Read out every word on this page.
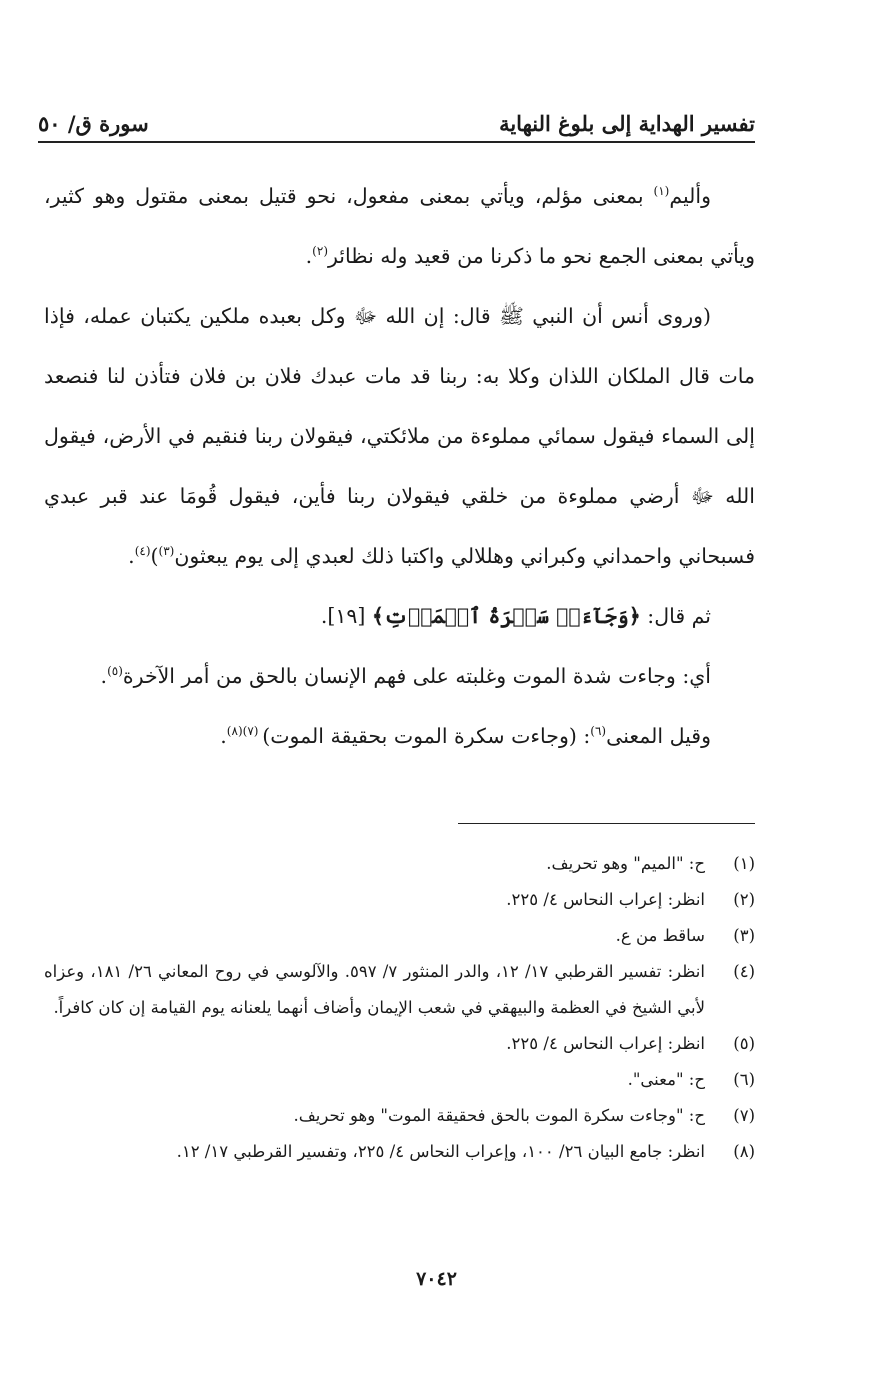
تفسير الهداية إلى بلوغ النهاية
سورة ق/ ٥٠

وأليم$^{(١)}$ بمعنى مؤلم، ويأتي بمعنى مفعول، نحو قتيل بمعنى مقتول وهو كثير، ويأتي بمعنى الجمع نحو ما ذكرنا من قعيد وله نظائر$^{(٢)}$.

(وروى أنس أن النبي ﷺ قال: إن الله ﷻ وكل بعبده ملكين يكتبان عمله، فإذا مات قال الملكان اللذان وكلا به: ربنا قد مات عبدك فلان بن فلان فتأذن لنا فنصعد إلى السماء فيقول سمائي مملوءة من ملائكتي، فيقولان ربنا فنقيم في الأرض، فيقول الله ﷻ أرضي مملوءة من خلقي فيقولان ربنا فأين، فيقول قُومَا عند قبر عبدي فسبحاني واحمداني وكبراني وهللالي واكتبا ذلك لعبدي إلى يوم يبعثون$^{(٣)}$)$^{(٤)}$.

ثم قال: ﴿وَجَآءَتۡ سَكۡرَةُ ٱلۡمَوۡتِ﴾ [١٩].

أي: وجاءت شدة الموت وغلبته على فهم الإنسان بالحق من أمر الآخرة$^{(٥)}$.

وقيل المعنى$^{(٦)}$: (وجاءت سكرة الموت بحقيقة الموت) $^{(٧)(٨)}$.

(١)
ح: "الميم" وهو تحريف.
(٢)
انظر: إعراب النحاس ٤/ ٢٢٥.
(٣)
ساقط من ع.
(٤)
انظر: تفسير القرطبي ١٧/ ١٢، والدر المنثور ٧/ ٥٩٧. والآلوسي في روح المعاني ٢٦/ ١٨١، وعزاه لأبي الشيخ في العظمة والبيهقي في شعب الإيمان وأضاف أنهما يلعنانه يوم القيامة إن كان كافراً.
(٥)
انظر: إعراب النحاس ٤/ ٢٢٥.
(٦)
ح: "معنى".
(٧)
ح: "وجاءت سكرة الموت بالحق فحقيقة الموت" وهو تحريف.
(٨)
انظر: جامع البيان ٢٦/ ١٠٠، وإعراب النحاس ٤/ ٢٢٥، وتفسير القرطبي ١٧/ ١٢.
٧٠٤٢
